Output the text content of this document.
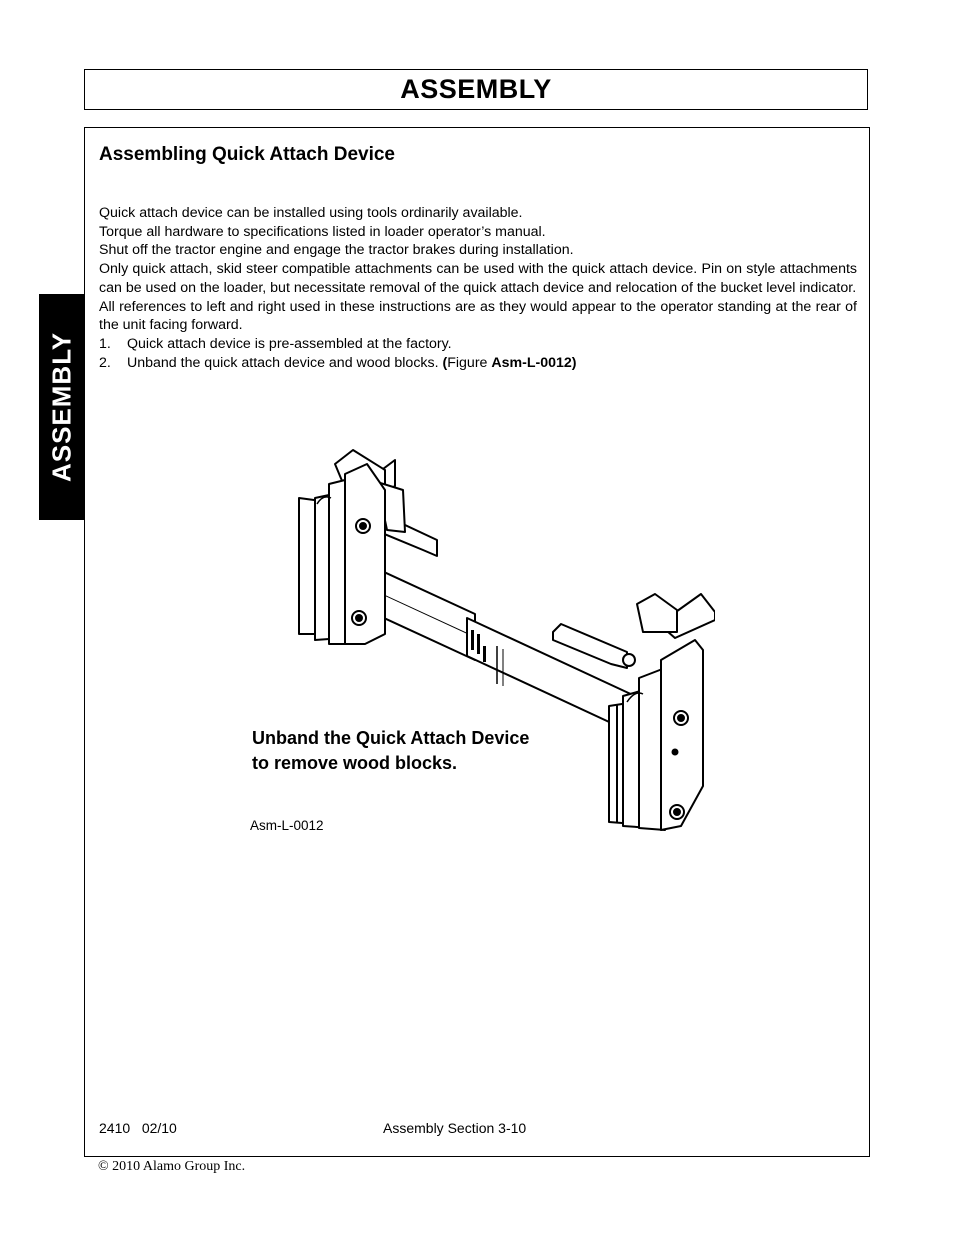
ASSEMBLY
ASSEMBLY
Assembling Quick Attach Device

Quick attach device can be installed using tools ordinarily available.

Torque all hardware to specifications listed in loader operator’s manual.

Shut off the tractor engine and engage the tractor brakes during installation.

Only quick attach, skid steer compatible attachments can be used with the quick attach device. Pin on style attachments can be used on the loader, but necessitate removal of the quick attach device and relocation of the bucket level indicator.

All references to left and right used in these instructions are as they would appear to the operator standing at the rear of the unit facing forward.

1.	Quick attach device is pre-assembled at the factory.
2.	Unband the quick attach device and wood blocks. (Figure Asm-L-0012)
Unband the Quick Attach Device
to remove wood blocks.
Asm-L-0012
2410   02/10	Assembly Section 3-10
© 2010 Alamo Group Inc.
